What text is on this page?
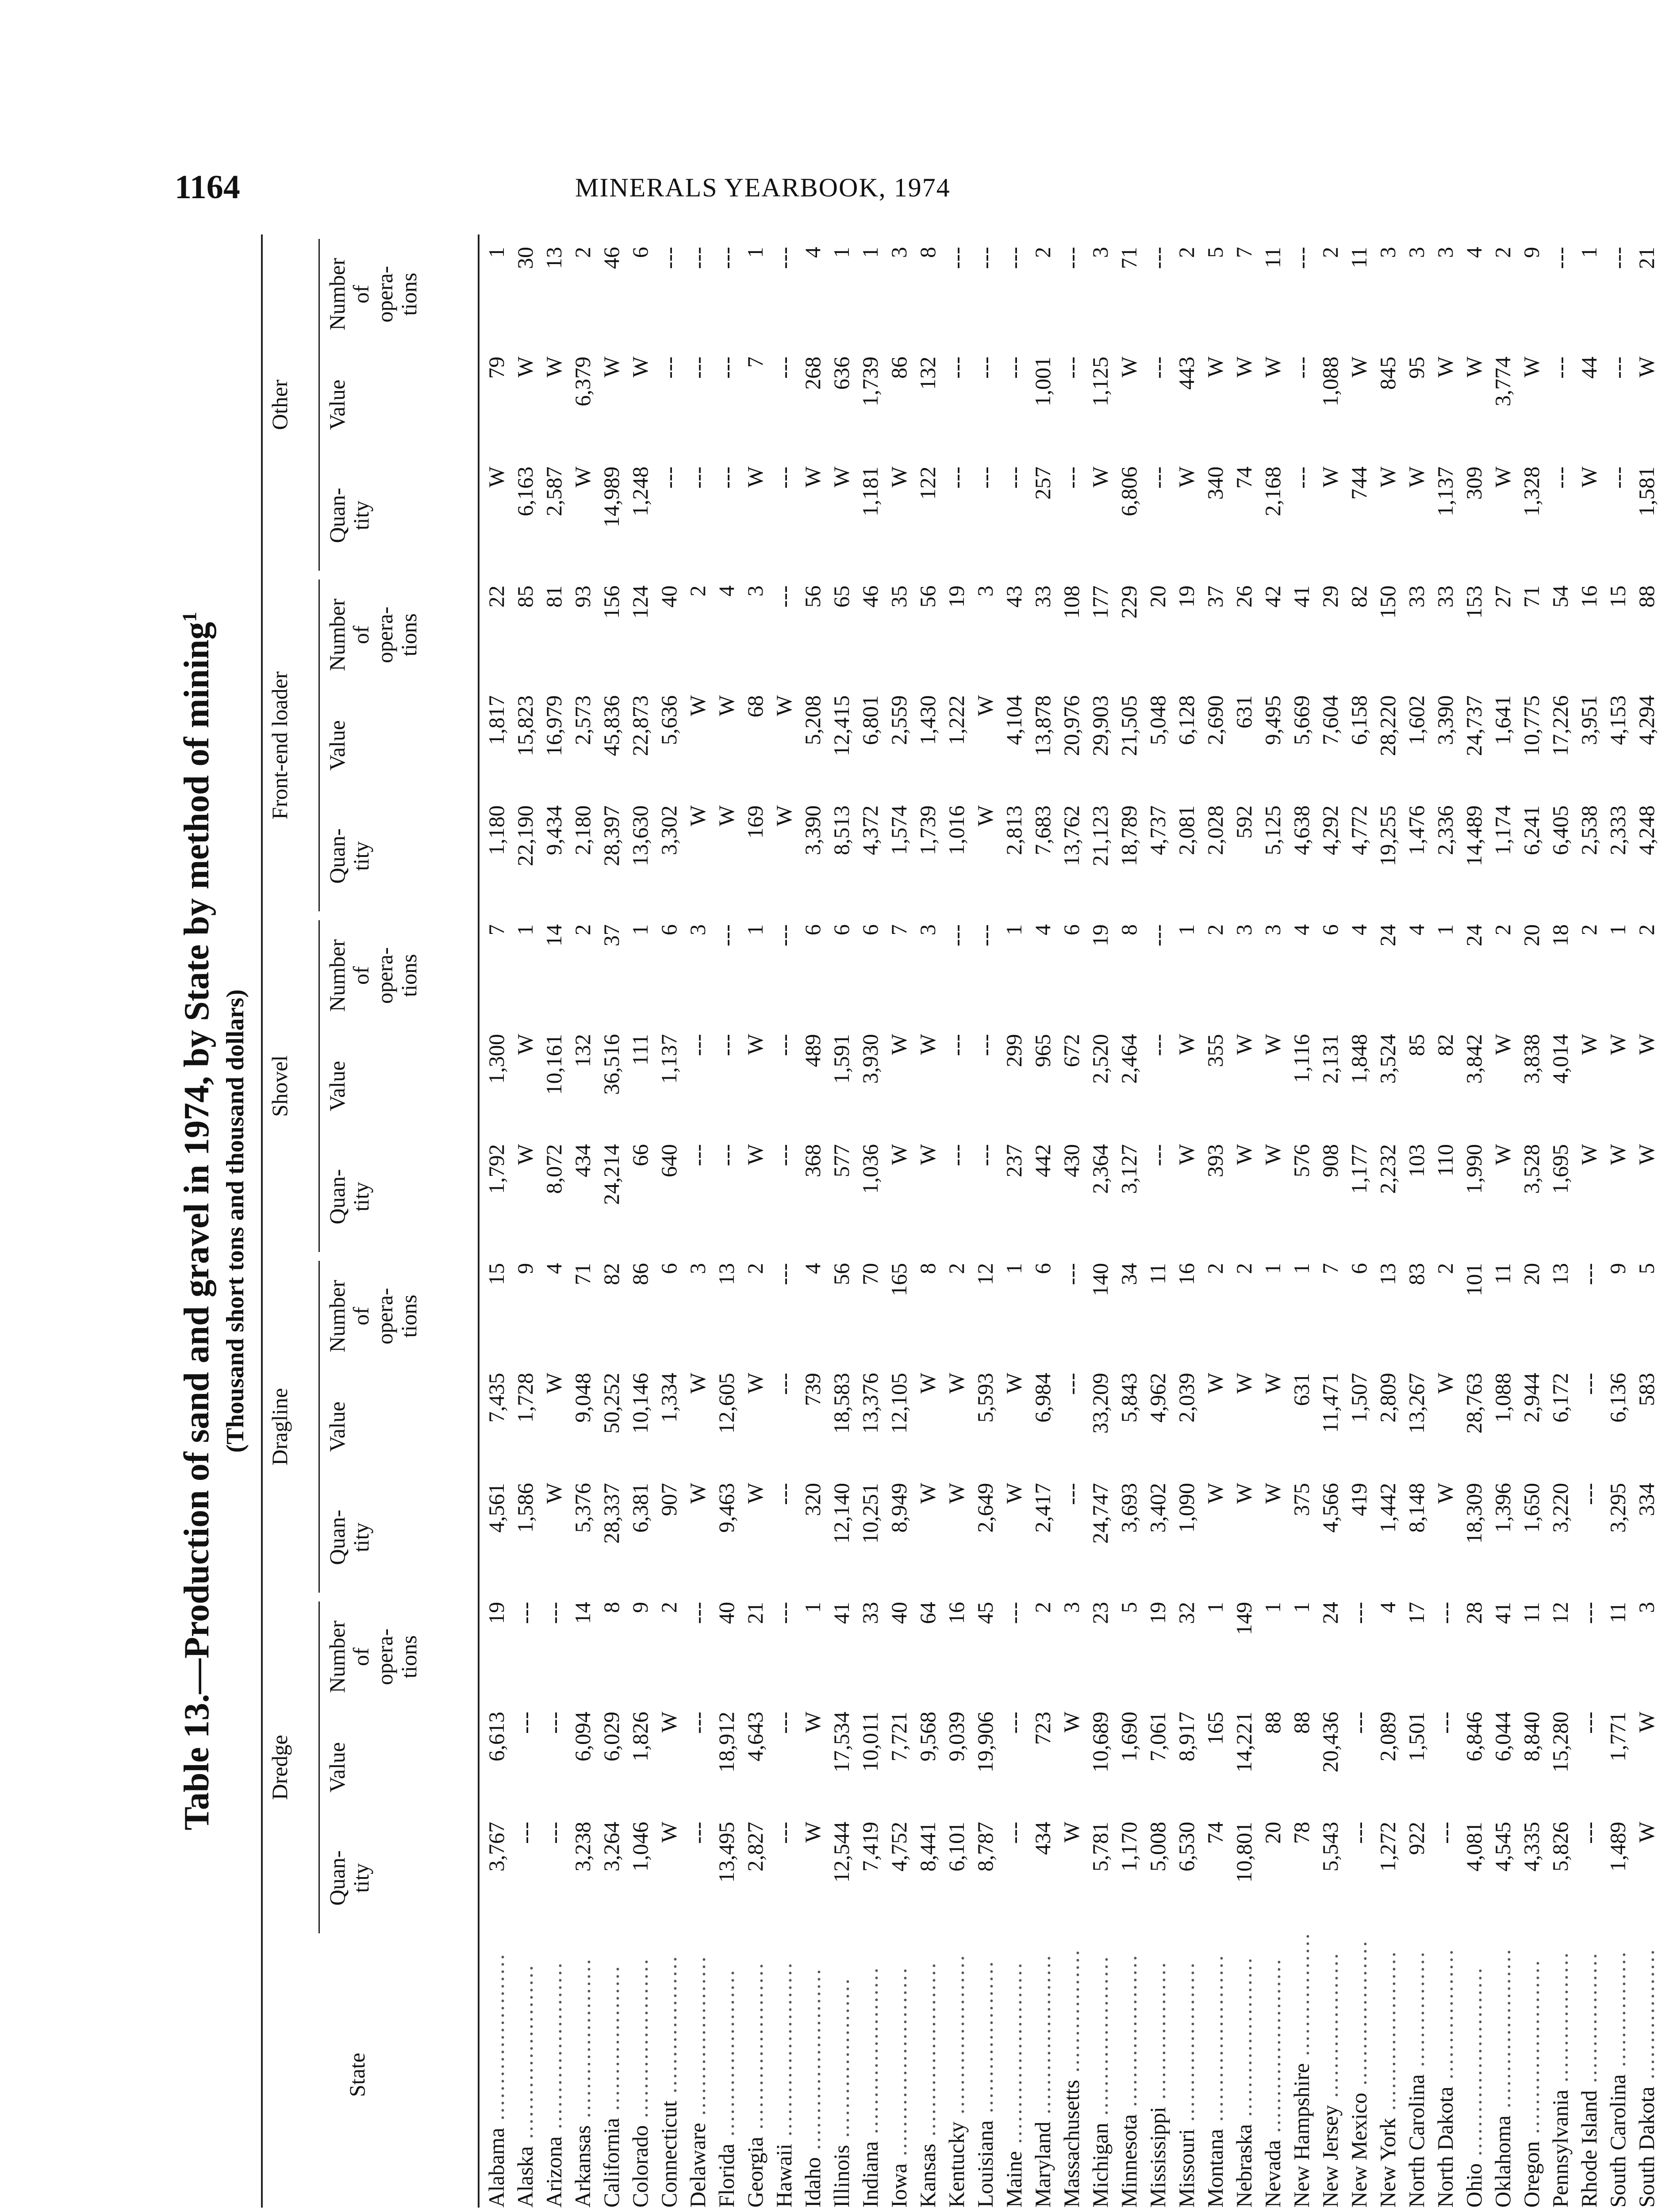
1164	MINERALS YEARBOOK, 1974
Table 13.—Production of sand and gravel in 1974, by State by method of mining$^1$
(Thousand short tons and thousand dollars)
State
Dredge
Quan-
tity
Value
Number
of
opera-
tions
Dragline
Quan-
tity
Value
Number
of
opera-
tions
Shovel
Quan-
tity
Value
Number
of
opera-
tions
Front-end loader
Quan-
tity
Value
Number
of
opera-
tions
Other
Quan-
tity
Value
Number
of
opera-
tions
Alabama .......................	3,767	6,613	19	4,561	7,435	15	1,792	1,300	7	1,180	1,817	22	W	79	1
Alaska ........................	---	---	---	1,586	1,728	9	W	W	1	22,190	15,823	85	6,163	W	30
Arizona .......................	---	---	---	W	W	4	8,072	10,161	14	9,434	16,979	81	2,587	W	13
Arkansas ......................	3,238	6,094	14	5,376	9,048	71	434	132	2	2,180	2,573	93	W	6,379	2
California ....................	3,264	6,029	8	28,337	50,252	82	24,214	36,516	37	28,397	45,836	156	14,989	W	46
Colorado ......................	1,046	1,826	9	6,381	10,146	86	66	111	1	13,630	22,873	124	1,248	W	6
Connecticut ...................	W	W	2	907	1,334	6	640	1,137	6	3,302	5,636	40	---	---	---
Delaware ......................	---	---	---	W	W	3	---	---	3	W	W	2	---	---	---
Florida .......................	13,495	18,912	40	9,463	12,605	13	---	---	---	W	W	4	---	---	---
Georgia .......................	2,827	4,643	21	W	W	2	W	W	1	169	68	3	W	7	1
Hawaii ........................	---	---	---	---	---	---	---	---	---	W	W	---	---	---	---
Idaho .........................	W	W	1	320	739	4	368	489	6	3,390	5,208	56	W	268	4
Illinois ......................	12,544	17,534	41	12,140	18,583	56	577	1,591	6	8,513	12,415	65	W	636	1
Indiana .......................	7,419	10,011	33	10,251	13,376	70	1,036	3,930	6	4,372	6,801	46	1,181	1,739	1
Iowa ..........................	4,752	7,721	40	8,949	12,105	165	W	W	7	1,574	2,559	35	W	86	3
Kansas ........................	8,441	9,568	64	W	W	8	W	W	3	1,739	1,430	56	122	132	8
Kentucky ......................	6,101	9,039	16	W	W	2	---	---	---	1,016	1,222	19	---	---	---
Louisiana .....................	8,787	19,906	45	2,649	5,593	12	---	---	---	W	W	3	---	---	---
Maine .........................	---	---	---	W	W	1	237	299	1	2,813	4,104	43	---	---	---
Maryland ......................	434	723	2	2,417	6,984	6	442	965	4	7,683	13,878	33	257	1,001	2
Massachusetts .................	W	W	3	---	---	---	430	672	6	13,762	20,976	108	---	---	---
Michigan ......................	5,781	10,689	23	24,747	33,209	140	2,364	2,520	19	21,123	29,903	177	W	1,125	3
Minnesota .....................	1,170	1,690	5	3,693	5,843	34	3,127	2,464	8	18,789	21,505	229	6,806	W	71
Mississippi ...................	5,008	7,061	19	3,402	4,962	11	---	---	---	4,737	5,048	20	---	---	---
Missouri ......................	6,530	8,917	32	1,090	2,039	16	W	W	1	2,081	6,128	19	W	443	2
Montana .......................	74	165	1	W	W	2	393	355	2	2,028	2,690	37	340	W	5
Nebraska ......................	10,801	14,221	149	W	W	2	W	W	3	592	631	26	74	W	7
Nevada ........................	20	88	1	W	W	1	W	W	3	5,125	9,495	42	2,168	W	11
New Hampshire .................	78	88	1	375	631	1	576	1,116	4	4,638	5,669	41	---	---	---
New Jersey ....................	5,543	20,436	24	4,566	11,471	7	908	2,131	6	4,292	7,604	29	W	1,088	2
New Mexico ....................	---	---	---	419	1,507	6	1,177	1,848	4	4,772	6,158	82	744	W	11
New York ......................	1,272	2,089	4	1,442	2,809	13	2,232	3,524	24	19,255	28,220	150	W	845	3
North Carolina ................	922	1,501	17	8,148	13,267	83	103	85	4	1,476	1,602	33	W	95	3
North Dakota ..................	---	---	---	W	W	2	110	82	1	2,336	3,390	33	1,137	W	3
Ohio ..........................	4,081	6,846	28	18,309	28,763	101	1,990	3,842	24	14,489	24,737	153	309	W	4
Oklahoma ......................	4,545	6,044	41	1,396	1,088	11	W	W	2	1,174	1,641	27	W	3,774	2
Oregon ........................	4,335	8,840	11	1,650	2,944	20	3,528	3,838	20	6,241	10,775	71	1,328	W	9
Pennsylvania ..................	5,826	15,280	12	3,220	6,172	13	1,695	4,014	18	6,405	17,226	54	---	---	---
Rhode Island ..................	---	---	---	---	---	---	W	W	2	2,538	3,951	16	W	44	1
South Carolina ................	1,489	1,771	11	3,295	6,136	9	W	W	1	2,333	4,153	15	---	---	---
South Dakota ..................	W	W	3	334	583	5	W	W	2	4,248	4,294	88	1,581	W	21
